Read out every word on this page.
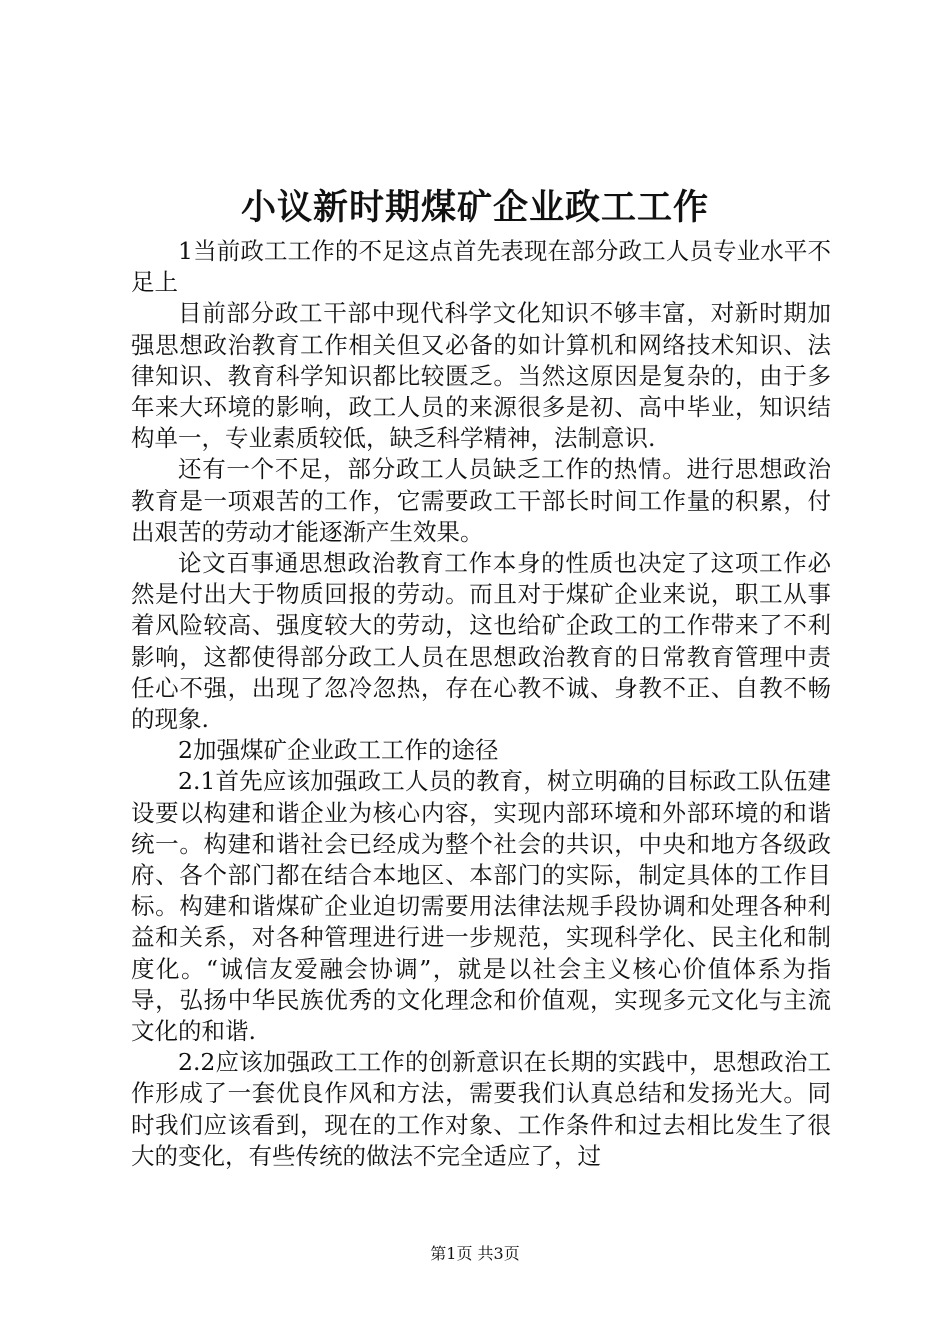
小议新时期煤矿企业政工工作

1当前政工工作的不足这点首先表现在部分政工人员专业水平不足上

目前部分政工干部中现代科学文化知识不够丰富，对新时期加强思想政治教育工作相关但又必备的如计算机和网络技术知识、法律知识、教育科学知识都比较匮乏。当然这原因是复杂的，由于多年来大环境的影响，政工人员的来源很多是初、高中毕业，知识结构单一，专业素质较低，缺乏科学精神，法制意识.

还有一个不足，部分政工人员缺乏工作的热情。进行思想政治教育是一项艰苦的工作，它需要政工干部长时间工作量的积累，付出艰苦的劳动才能逐渐产生效果。

论文百事通思想政治教育工作本身的性质也决定了这项工作必然是付出大于物质回报的劳动。而且对于煤矿企业来说，职工从事着风险较高、强度较大的劳动，这也给矿企政工的工作带来了不利影响，这都使得部分政工人员在思想政治教育的日常教育管理中责任心不强，出现了忽冷忽热，存在心教不诚、身教不正、自教不畅的现象.

2加强煤矿企业政工工作的途径

2.1首先应该加强政工人员的教育，树立明确的目标政工队伍建设要以构建和谐企业为核心内容，实现内部环境和外部环境的和谐统一。构建和谐社会已经成为整个社会的共识，中央和地方各级政府、各个部门都在结合本地区、本部门的实际，制定具体的工作目标。构建和谐煤矿企业迫切需要用法律法规手段协调和处理各种利益和关系，对各种管理进行进一步规范，实现科学化、民主化和制度化。“诚信友爱融会协调”，就是以社会主义核心价值体系为指导，弘扬中华民族优秀的文化理念和价值观，实现多元文化与主流文化的和谐.

2.2应该加强政工工作的创新意识在长期的实践中，思想政治工作形成了一套优良作风和方法，需要我们认真总结和发扬光大。同时我们应该看到，现在的工作对象、工作条件和过去相比发生了很大的变化，有些传统的做法不完全适应了，过

第1页 共3页
